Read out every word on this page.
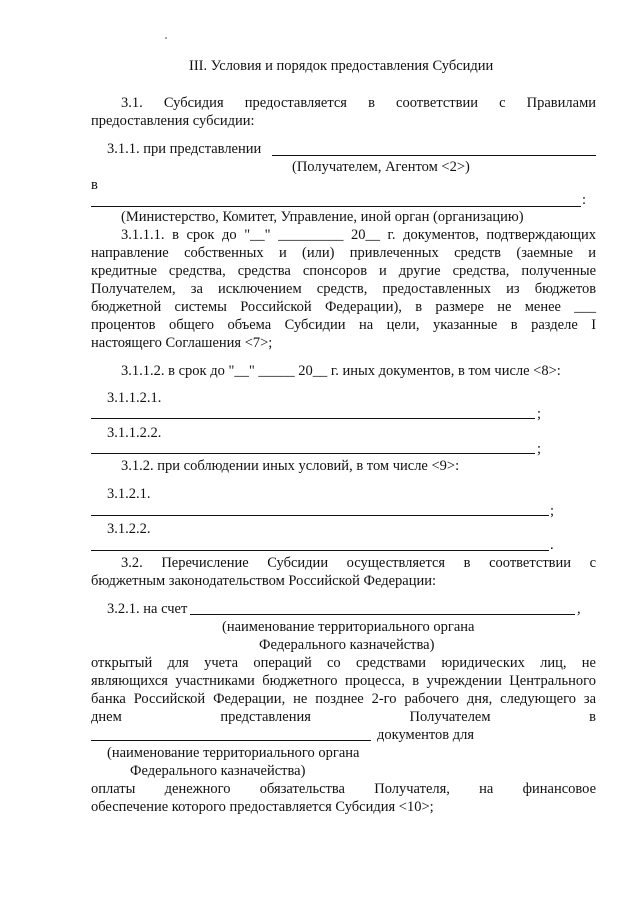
III. Условия и порядок предоставления Субсидии
3.1. Субсидия предоставляется в соответствии с Правилами
предоставления субсидии:
3.1.1. при представлении
(Получателем, Агентом <2>)
в
:
(Министерство, Комитет, Управление, иной орган (организацию)
3.1.1.1. в срок до "__" _________ 20__ г. документов, подтверждающих
направление собственных и (или) привлеченных средств (заемные и
кредитные средства, средства спонсоров и другие средства, полученные
Получателем, за исключением средств, предоставленных из бюджетов
бюджетной системы Российской Федерации), в размере не менее ___
процентов общего объема Субсидии на цели, указанные в разделе I
настоящего Соглашения <7>;
3.1.1.2. в срок до "__" _____ 20__ г. иных документов, в том числе <8>:
3.1.1.2.1.
;
3.1.1.2.2.
;
3.1.2. при соблюдении иных условий, в том числе <9>:
3.1.2.1.
;
3.1.2.2.
.
3.2. Перечисление Субсидии осуществляется в соответствии с
бюджетным законодательством Российской Федерации:
3.2.1. на счет	,
(наименование территориального органа
Федерального казначейства)
открытый для учета операций со средствами юридических лиц, не
являющихся участниками бюджетного процесса, в учреждении Центрального
банка Российской Федерации, не позднее 2-го рабочего дня, следующего за
днем	представления	Получателем	в
документов для
(наименование территориального органа
Федерального казначейства)
оплаты денежного обязательства Получателя, на финансовое
обеспечение которого предоставляется Субсидия <10>;
